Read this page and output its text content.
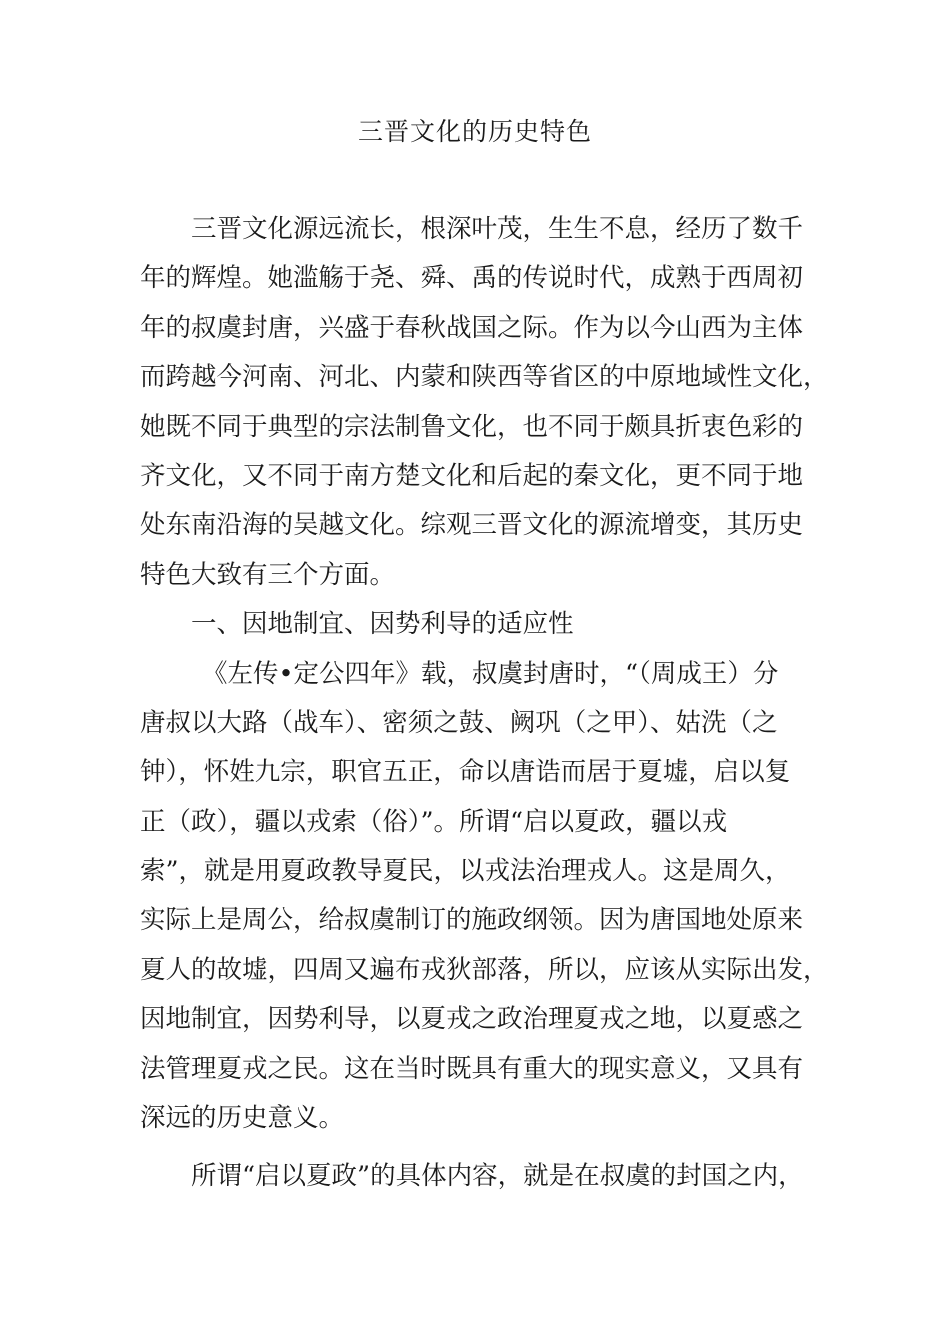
三晋文化的历史特色
三晋文化源远流长，根深叶茂，生生不息，经历了数千
年的辉煌。她滥觞于尧、舜、禹的传说时代，成熟于西周初
年的叔虞封唐，兴盛于春秋战国之际。作为以今山西为主体
而跨越今河南、河北、内蒙和陕西等省区的中原地域性文化，
她既不同于典型的宗法制鲁文化，也不同于颇具折衷色彩的
齐文化，又不同于南方楚文化和后起的秦文化，更不同于地
处东南沿海的吴越文化。综观三晋文化的源流增变，其历史
特色大致有三个方面。
一、因地制宜、因势利导的适应性
《左传•定公四年》载，叔虞封唐时，“（周成王）分
唐叔以大路（战车）、密须之鼓、阙巩（之甲）、姑洗（之
钟），怀姓九宗，职官五正，命以唐诰而居于夏墟，启以复
正（政），疆以戎索（俗）”。所谓“启以夏政，疆以戎
索”，就是用夏政教导夏民，以戎法治理戎人。这是周久，
实际上是周公，给叔虞制订的施政纲领。因为唐国地处原来
夏人的故墟，四周又遍布戎狄部落，所以，应该从实际出发，
因地制宜，因势利导，以夏戎之政治理夏戎之地，以夏惑之
法管理夏戎之民。这在当时既具有重大的现实意义，又具有
深远的历史意义。
所谓“启以夏政”的具体内容，就是在叔虞的封国之内，
